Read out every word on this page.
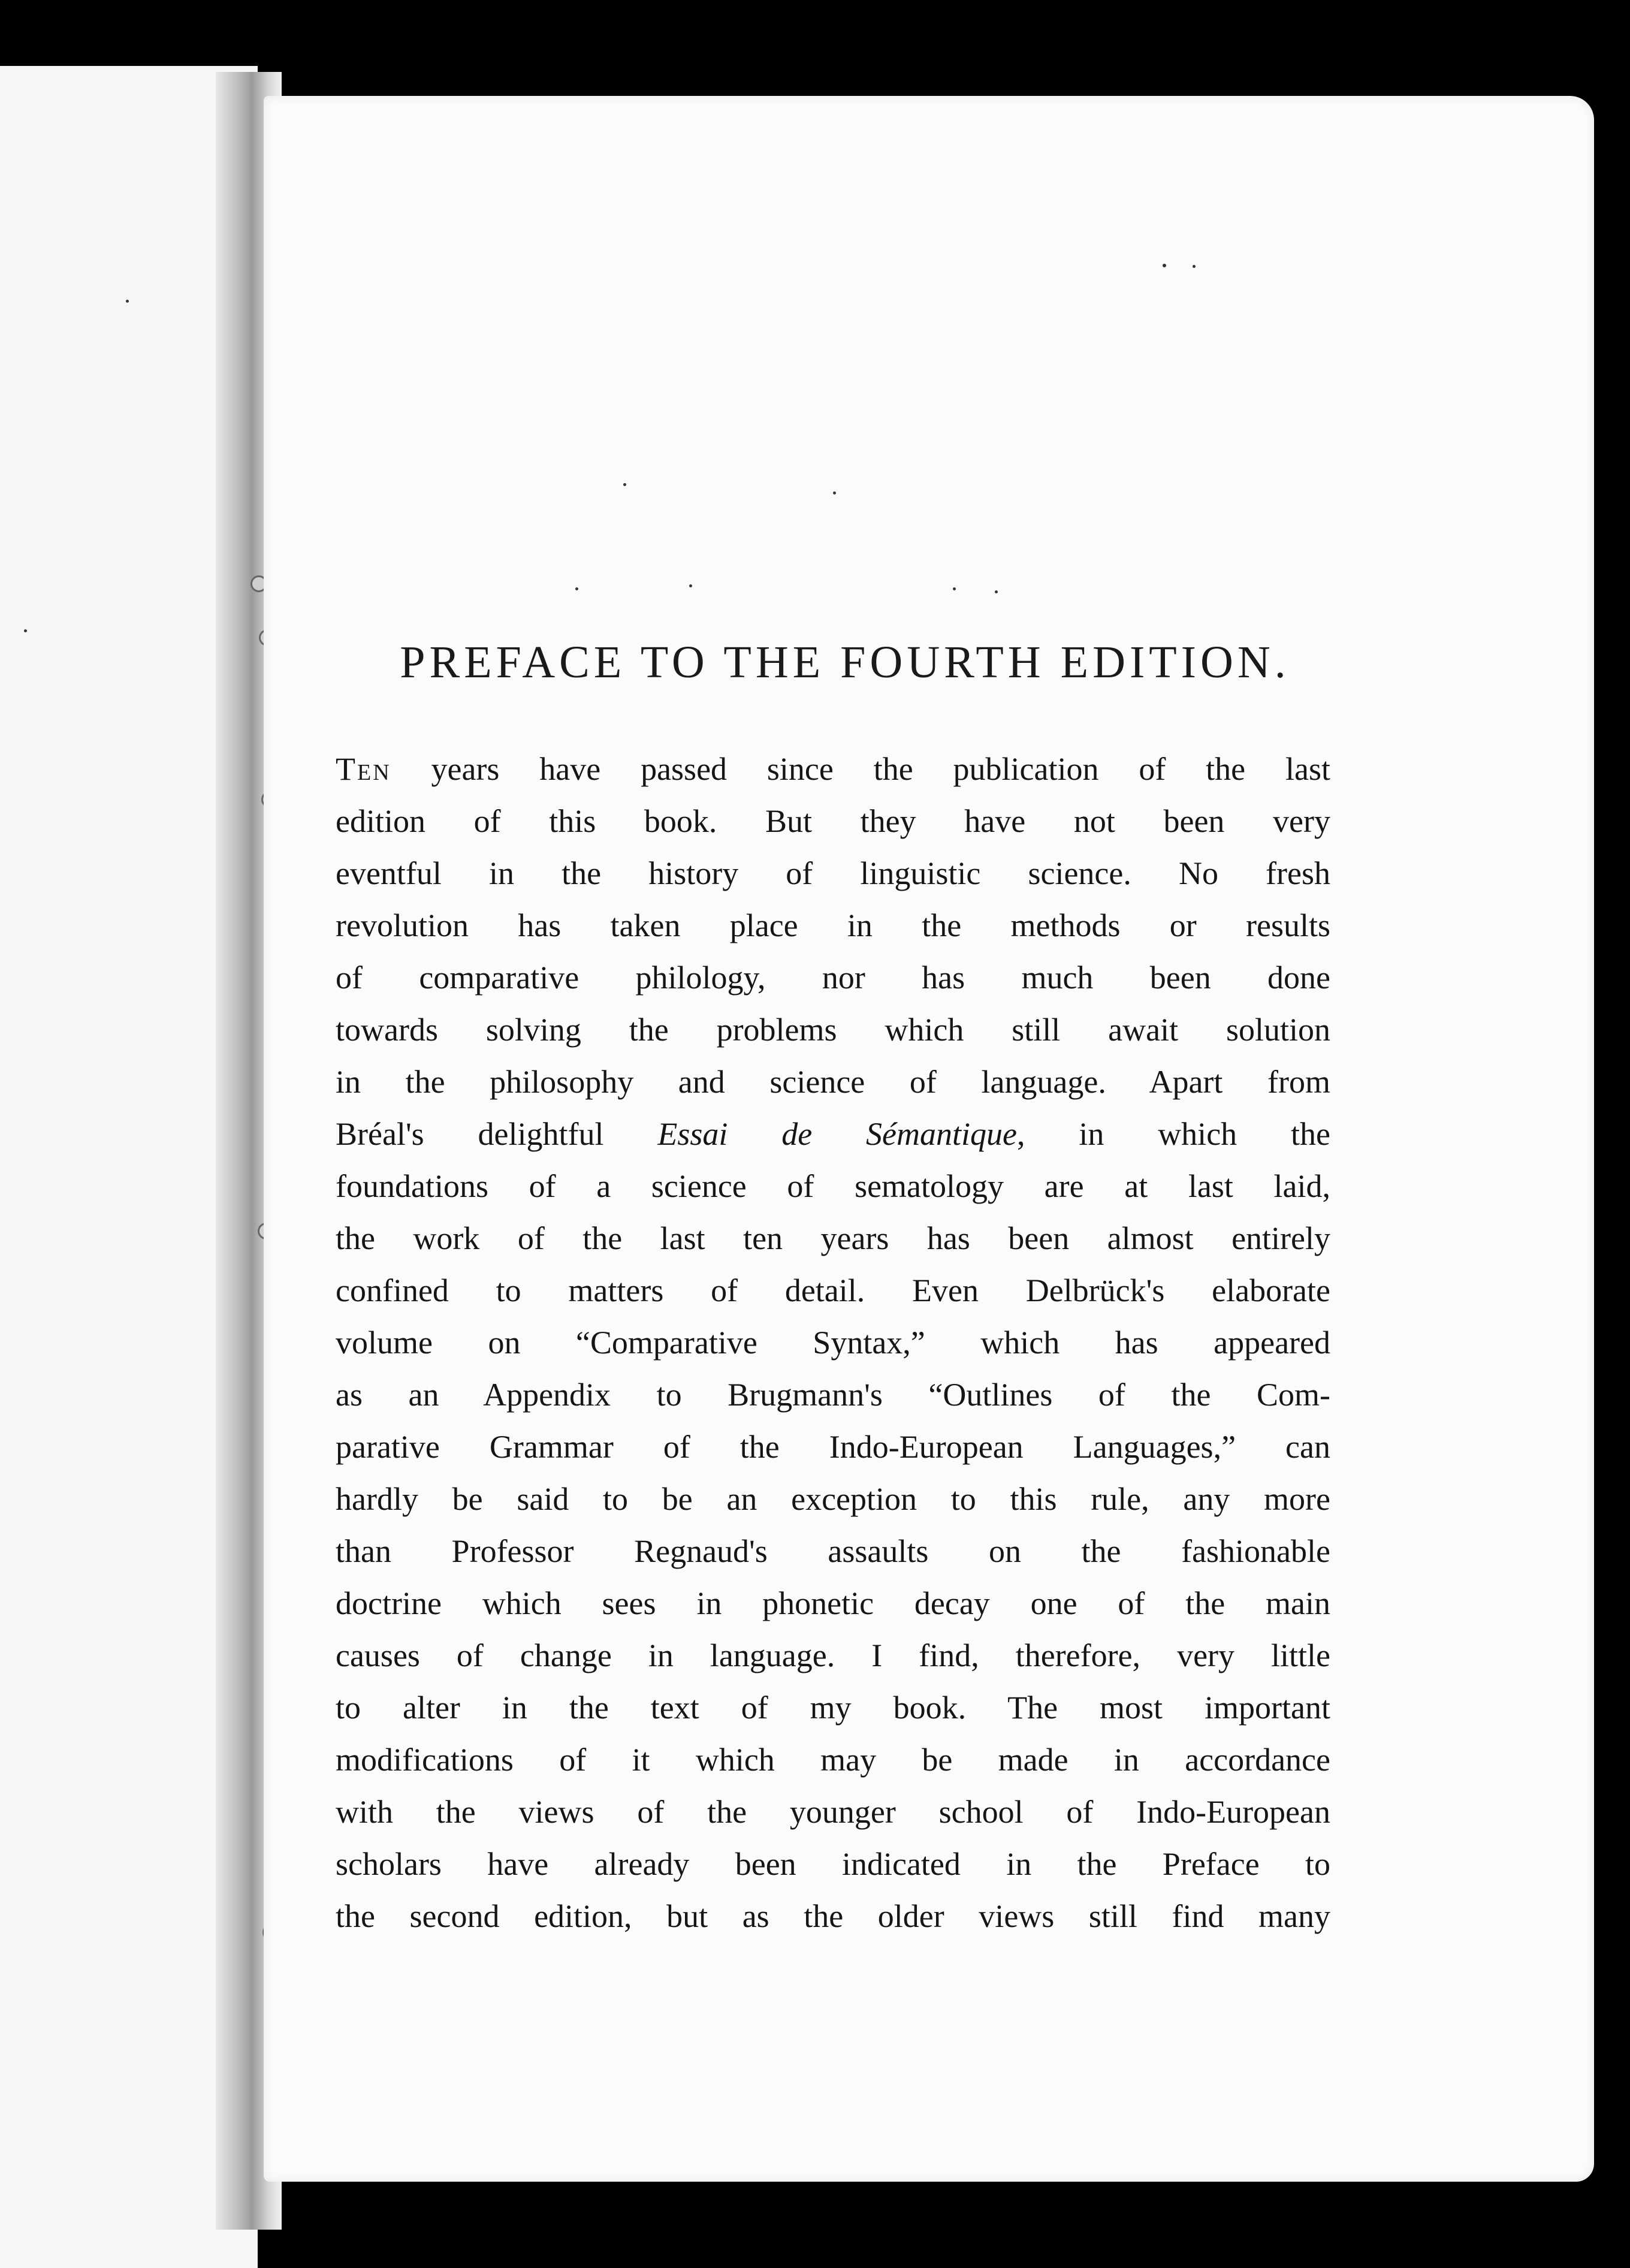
PREFACE TO THE FOURTH EDITION.
Ten years have passed since the publication of the last
edition of this book. But they have not been very
eventful in the history of linguistic science. No fresh
revolution has taken place in the methods or results
of comparative philology, nor has much been done
towards solving the problems which still await solution
in the philosophy and science of language. Apart from
Bréal's delightful Essai de Sémantique, in which the
foundations of a science of sematology are at last laid,
the work of the last ten years has been almost entirely
confined to matters of detail. Even Delbrück's elaborate
volume on “Comparative Syntax,” which has appeared
as an Appendix to Brugmann's “Outlines of the Com-
parative Grammar of the Indo-European Languages,” can
hardly be said to be an exception to this rule, any more
than Professor Regnaud's assaults on the fashionable
doctrine which sees in phonetic decay one of the main
causes of change in language. I find, therefore, very little
to alter in the text of my book. The most important
modifications of it which may be made in accordance
with the views of the younger school of Indo-European
scholars have already been indicated in the Preface to
the second edition, but as the older views still find many
